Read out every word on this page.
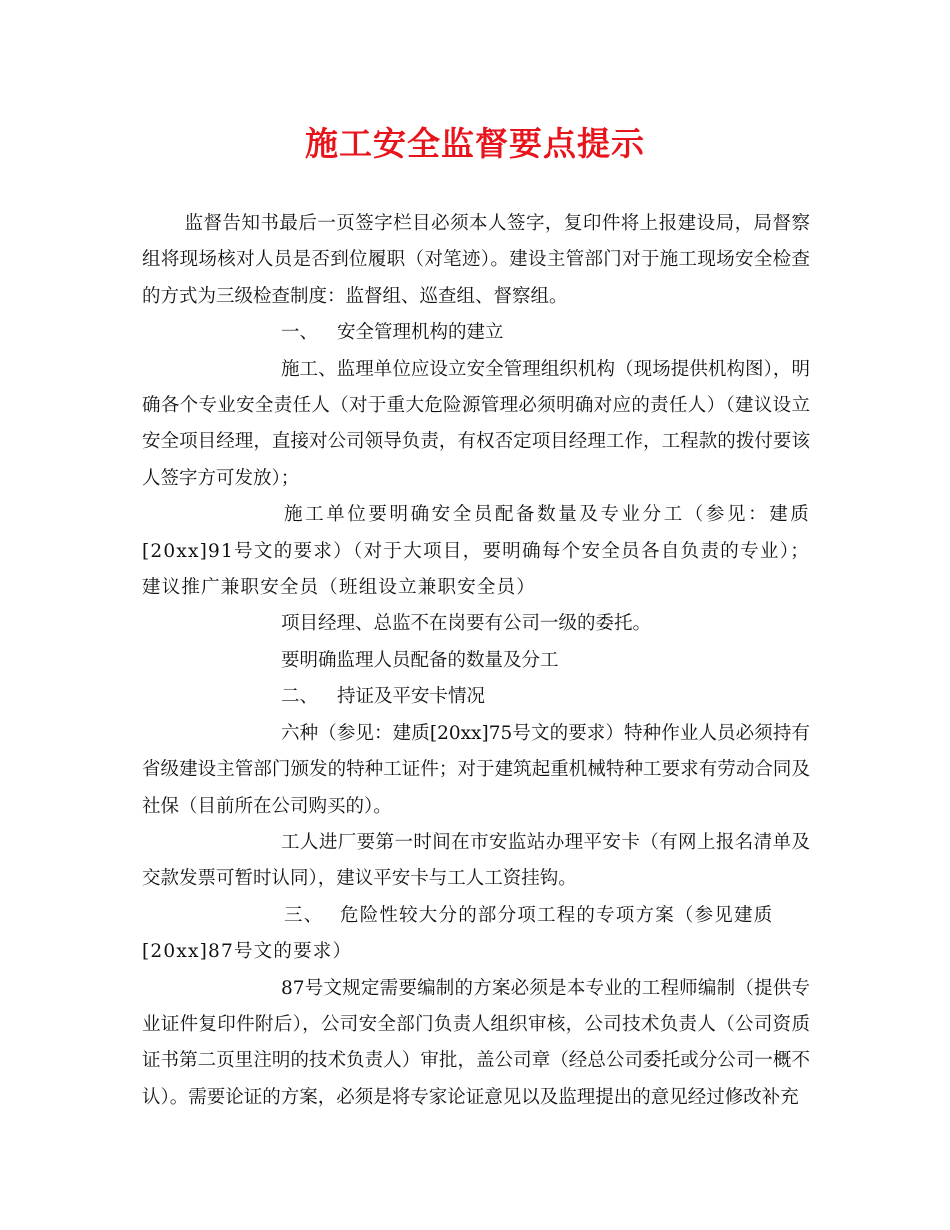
施工安全监督要点提示

监督告知书最后一页签字栏目必须本人签字，复印件将上报建设局，局督察组将现场核对人员是否到位履职（对笔迹）。建设主管部门对于施工现场安全检查的方式为三级检查制度：监督组、巡查组、督察组。

一、 安全管理机构的建立

施工、监理单位应设立安全管理组织机构（现场提供机构图），明确各个专业安全责任人（对于重大危险源管理必须明确对应的责任人）（建议设立安全项目经理，直接对公司领导负责，有权否定项目经理工作，工程款的拨付要该人签字方可发放）；

施工单位要明确安全员配备数量及专业分工（参见：建质[20xx]91号文的要求）（对于大项目，要明确每个安全员各自负责的专业）；建议推广兼职安全员（班组设立兼职安全员）

项目经理、总监不在岗要有公司一级的委托。

要明确监理人员配备的数量及分工

二、 持证及平安卡情况

六种（参见：建质[20xx]75号文的要求）特种作业人员必须持有省级建设主管部门颁发的特种工证件；对于建筑起重机械特种工要求有劳动合同及社保（目前所在公司购买的）。

工人进厂要第一时间在市安监站办理平安卡（有网上报名清单及交款发票可暂时认同），建议平安卡与工人工资挂钩。

三、 危险性较大分的部分项工程的专项方案（参见建质[20xx]87号文的要求）

87号文规定需要编制的方案必须是本专业的工程师编制（提供专业证件复印件附后），公司安全部门负责人组织审核，公司技术负责人（公司资质证书第二页里注明的技术负责人）审批，盖公司章（经总公司委托或分公司一概不认）。需要论证的方案，必须是将专家论证意见以及监理提出的意见经过修改补充
